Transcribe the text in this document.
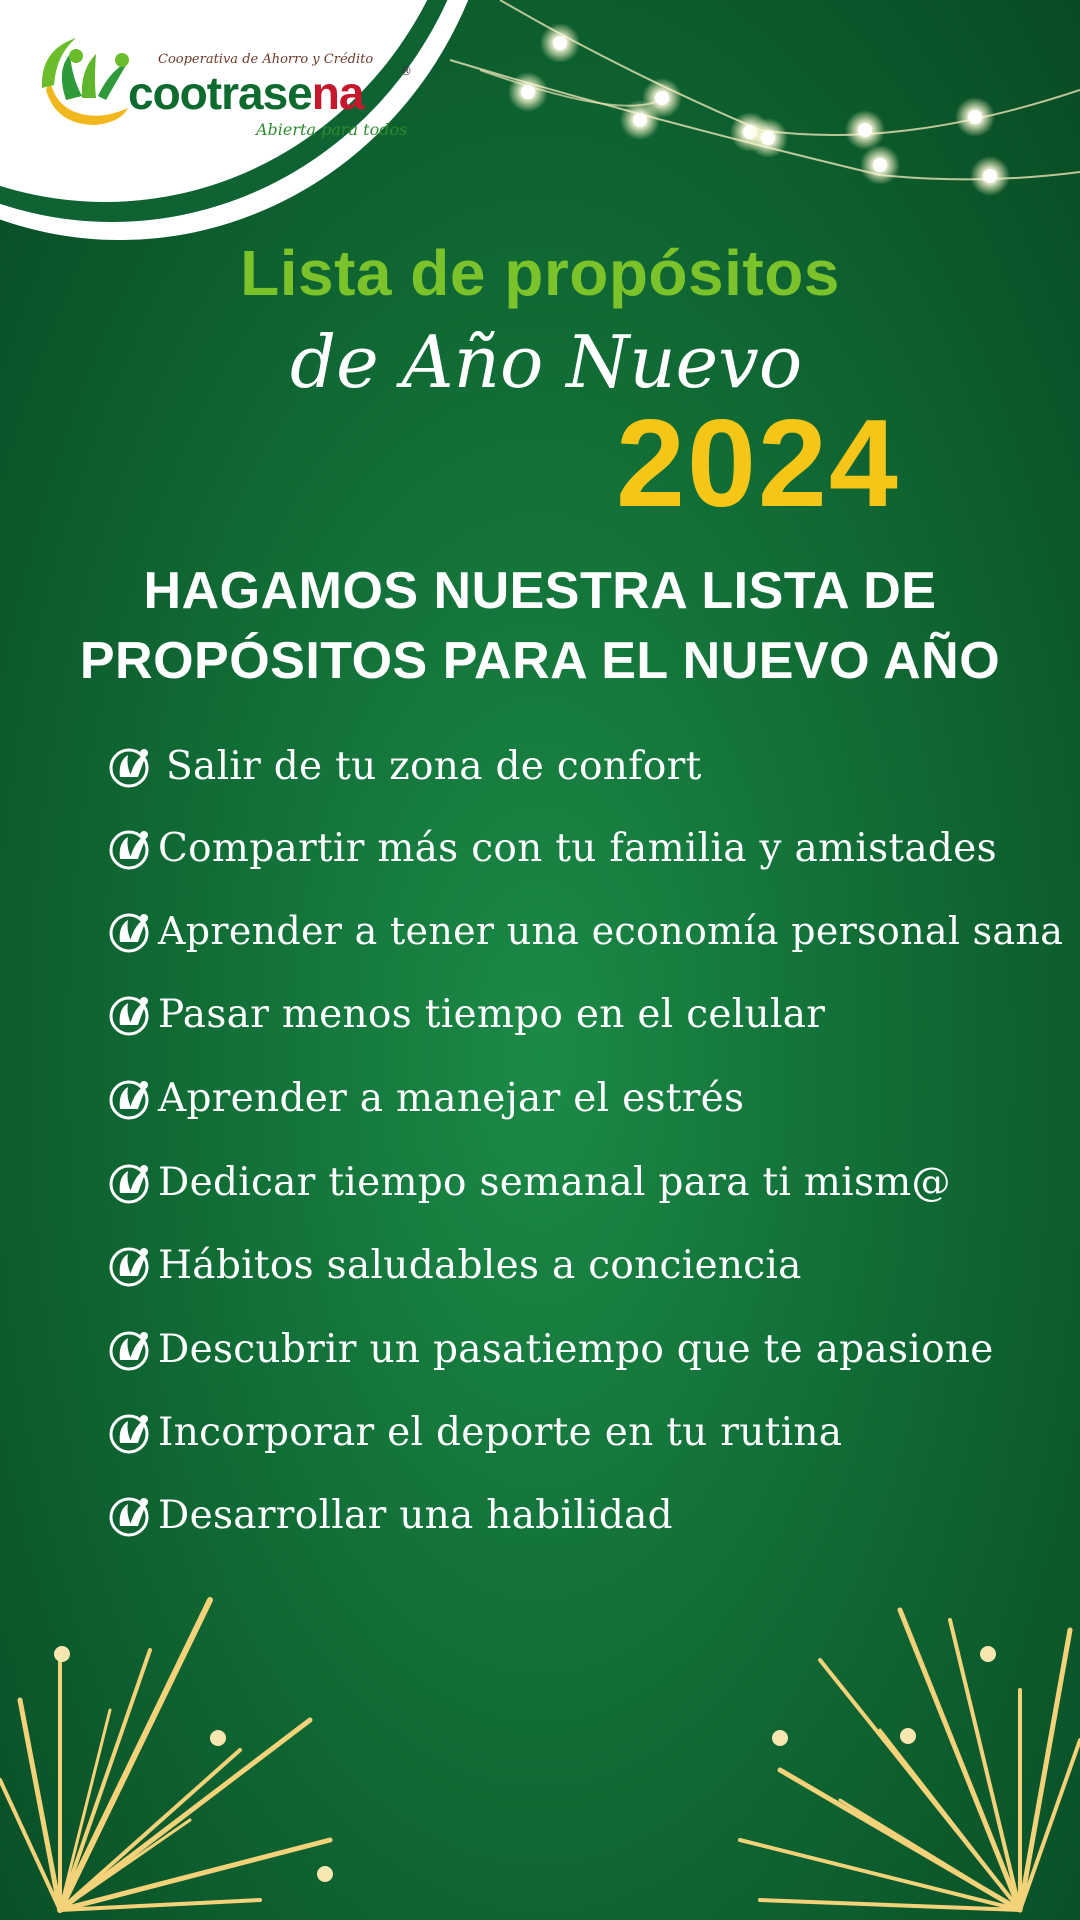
Cooperativa de Ahorro y Crédito
cootrasena	®
Abierta para todos
Lista de propósitos
de Año Nuevo
2024
HAGAMOS NUESTRA LISTA DE
PROPÓSITOS PARA EL NUEVO AÑO
Salir de tu zona de confort
Compartir más con tu familia y amistades
Aprender a tener una economía personal sana
Pasar menos tiempo en el celular
Aprender a manejar el estrés
Dedicar tiempo semanal para ti mism@
Hábitos saludables a conciencia
Descubrir un pasatiempo que te apasione
Incorporar el deporte en tu rutina
Desarrollar una habilidad
